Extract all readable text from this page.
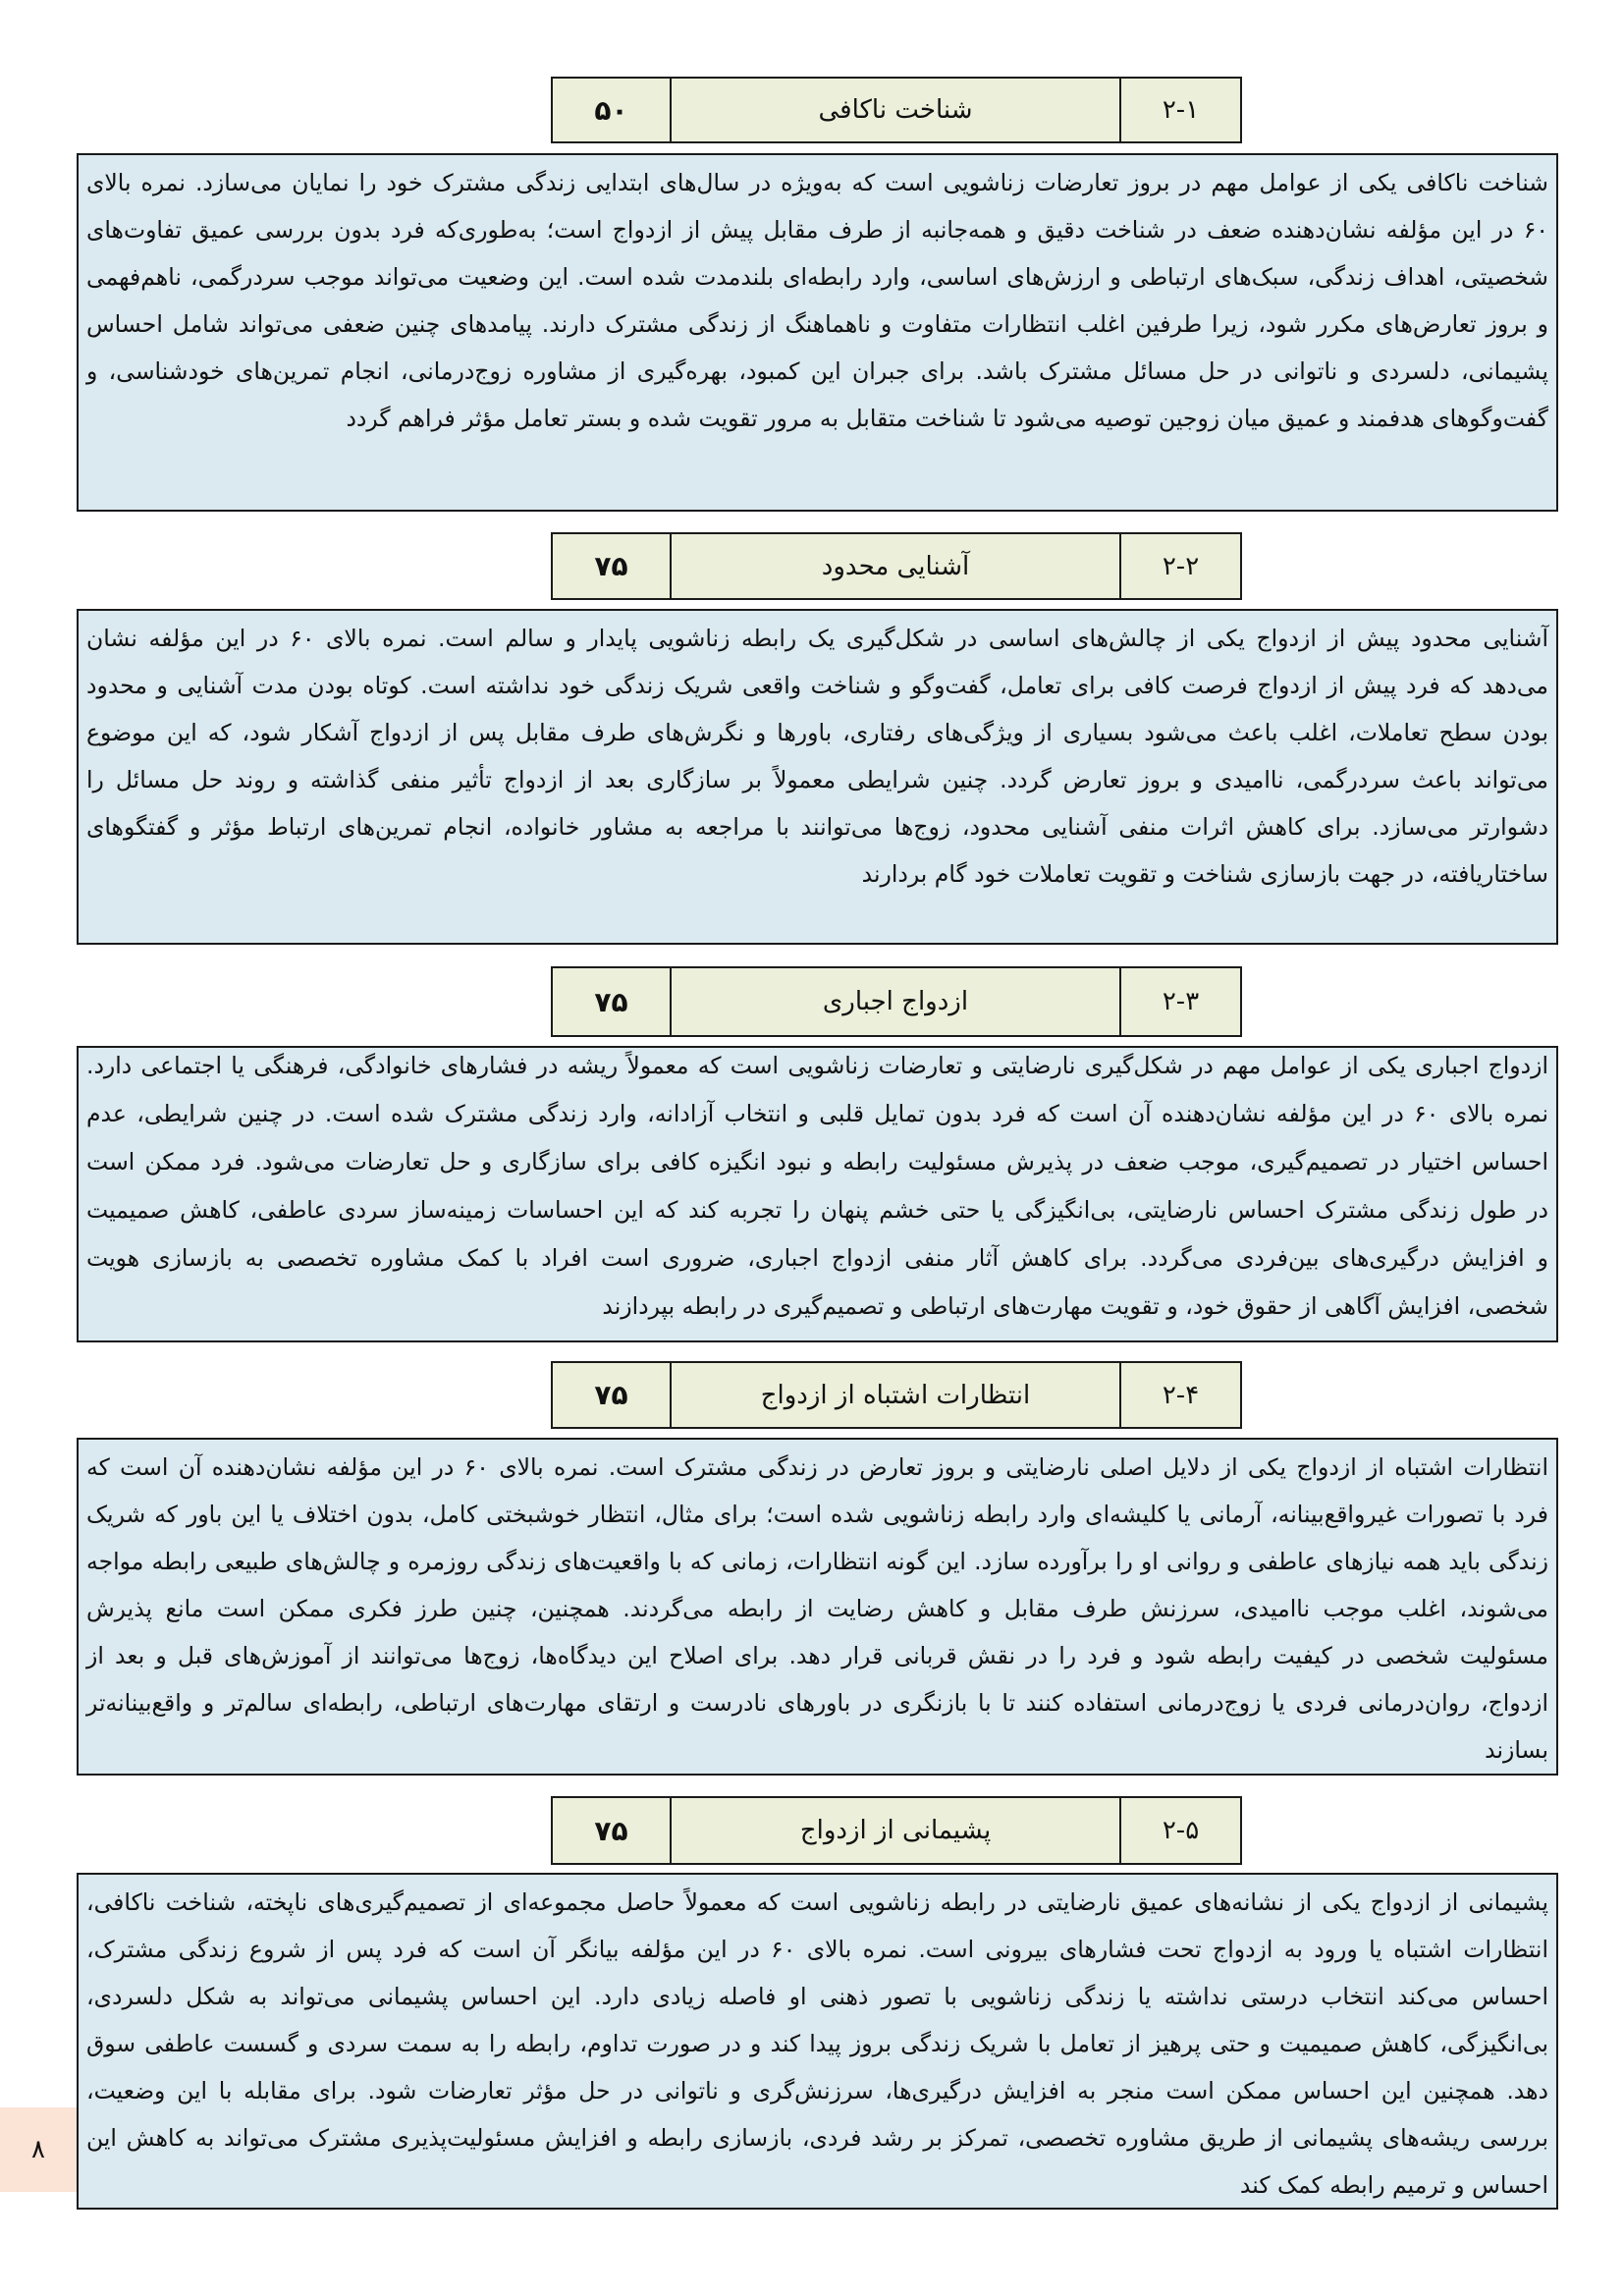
۵۰	شناخت ناکافی	۲-۱
شناخت ناکافی یکی از عوامل مهم در بروز تعارضات زناشویی است که به‌ویژه در سال‌های ابتدایی زندگی مشترک خود را نمایان می‌سازد. نمره بالای
۶۰ در این مؤلفه نشان‌دهنده ضعف در شناخت دقیق و همه‌جانبه از طرف مقابل پیش از ازدواج است؛ به‌طوری‌که فرد بدون بررسی عمیق تفاوت‌های
شخصیتی، اهداف زندگی، سبک‌های ارتباطی و ارزش‌های اساسی، وارد رابطه‌ای بلندمدت شده است. این وضعیت می‌تواند موجب سردرگمی، ناهم‌فهمی
و بروز تعارض‌های مکرر شود، زیرا طرفین اغلب انتظارات متفاوت و ناهماهنگ از زندگی مشترک دارند. پیامدهای چنین ضعفی می‌تواند شامل احساس
پشیمانی، دلسردی و ناتوانی در حل مسائل مشترک باشد. برای جبران این کمبود، بهره‌گیری از مشاوره زوج‌درمانی، انجام تمرین‌های خودشناسی، و
گفت‌وگوهای هدفمند و عمیق میان زوجین توصیه می‌شود تا شناخت متقابل به مرور تقویت شده و بستر تعامل مؤثر فراهم گردد
۷۵	آشنایی محدود	۲-۲
آشنایی محدود پیش از ازدواج یکی از چالش‌های اساسی در شکل‌گیری یک رابطه زناشویی پایدار و سالم است. نمره بالای ۶۰ در این مؤلفه نشان
می‌دهد که فرد پیش از ازدواج فرصت کافی برای تعامل، گفت‌وگو و شناخت واقعی شریک زندگی خود نداشته است. کوتاه بودن مدت آشنایی و محدود
بودن سطح تعاملات، اغلب باعث می‌شود بسیاری از ویژگی‌های رفتاری، باورها و نگرش‌های طرف مقابل پس از ازدواج آشکار شود، که این موضوع
می‌تواند باعث سردرگمی، ناامیدی و بروز تعارض گردد. چنین شرایطی معمولاً بر سازگاری بعد از ازدواج تأثیر منفی گذاشته و روند حل مسائل را
دشوارتر می‌سازد. برای کاهش اثرات منفی آشنایی محدود، زوج‌ها می‌توانند با مراجعه به مشاور خانواده، انجام تمرین‌های ارتباط مؤثر و گفتگوهای
ساختاریافته، در جهت بازسازی شناخت و تقویت تعاملات خود گام بردارند
۷۵	ازدواج اجباری	۲-۳
ازدواج اجباری یکی از عوامل مهم در شکل‌گیری نارضایتی و تعارضات زناشویی است که معمولاً ریشه در فشارهای خانوادگی، فرهنگی یا اجتماعی دارد.
نمره بالای ۶۰ در این مؤلفه نشان‌دهنده آن است که فرد بدون تمایل قلبی و انتخاب آزادانه، وارد زندگی مشترک شده است. در چنین شرایطی، عدم
احساس اختیار در تصمیم‌گیری، موجب ضعف در پذیرش مسئولیت رابطه و نبود انگیزه کافی برای سازگاری و حل تعارضات می‌شود. فرد ممکن است
در طول زندگی مشترک احساس نارضایتی، بی‌انگیزگی یا حتی خشم پنهان را تجربه کند که این احساسات زمینه‌ساز سردی عاطفی، کاهش صمیمیت
و افزایش درگیری‌های بین‌فردی می‌گردد. برای کاهش آثار منفی ازدواج اجباری، ضروری است افراد با کمک مشاوره تخصصی به بازسازی هویت
شخصی، افزایش آگاهی از حقوق خود، و تقویت مهارت‌های ارتباطی و تصمیم‌گیری در رابطه بپردازند
۷۵	انتظارات اشتباه از ازدواج	۲-۴
انتظارات اشتباه از ازدواج یکی از دلایل اصلی نارضایتی و بروز تعارض در زندگی مشترک است. نمره بالای ۶۰ در این مؤلفه نشان‌دهنده آن است که
فرد با تصورات غیرواقع‌بینانه، آرمانی یا کلیشه‌ای وارد رابطه زناشویی شده است؛ برای مثال، انتظار خوشبختی کامل، بدون اختلاف یا این باور که شریک
زندگی باید همه نیازهای عاطفی و روانی او را برآورده سازد. این گونه انتظارات، زمانی که با واقعیت‌های زندگی روزمره و چالش‌های طبیعی رابطه مواجه
می‌شوند، اغلب موجب ناامیدی، سرزنش طرف مقابل و کاهش رضایت از رابطه می‌گردند. همچنین، چنین طرز فکری ممکن است مانع پذیرش
مسئولیت شخصی در کیفیت رابطه شود و فرد را در نقش قربانی قرار دهد. برای اصلاح این دیدگاه‌ها، زوج‌ها می‌توانند از آموزش‌های قبل و بعد از
ازدواج، روان‌درمانی فردی یا زوج‌درمانی استفاده کنند تا با بازنگری در باورهای نادرست و ارتقای مهارت‌های ارتباطی، رابطه‌ای سالم‌تر و واقع‌بینانه‌تر
بسازند
۷۵	پشیمانی از ازدواج	۲-۵
پشیمانی از ازدواج یکی از نشانه‌های عمیق نارضایتی در رابطه زناشویی است که معمولاً حاصل مجموعه‌ای از تصمیم‌گیری‌های ناپخته، شناخت ناکافی،
انتظارات اشتباه یا ورود به ازدواج تحت فشارهای بیرونی است. نمره بالای ۶۰ در این مؤلفه بیانگر آن است که فرد پس از شروع زندگی مشترک،
احساس می‌کند انتخاب درستی نداشته یا زندگی زناشویی با تصور ذهنی او فاصله زیادی دارد. این احساس پشیمانی می‌تواند به شکل دلسردی،
بی‌انگیزگی، کاهش صمیمیت و حتی پرهیز از تعامل با شریک زندگی بروز پیدا کند و در صورت تداوم، رابطه را به سمت سردی و گسست عاطفی سوق
دهد. همچنین این احساس ممکن است منجر به افزایش درگیری‌ها، سرزنش‌گری و ناتوانی در حل مؤثر تعارضات شود. برای مقابله با این وضعیت،
بررسی ریشه‌های پشیمانی از طریق مشاوره تخصصی، تمرکز بر رشد فردی، بازسازی رابطه و افزایش مسئولیت‌پذیری مشترک می‌تواند به کاهش این
احساس و ترمیم رابطه کمک کند
۸
